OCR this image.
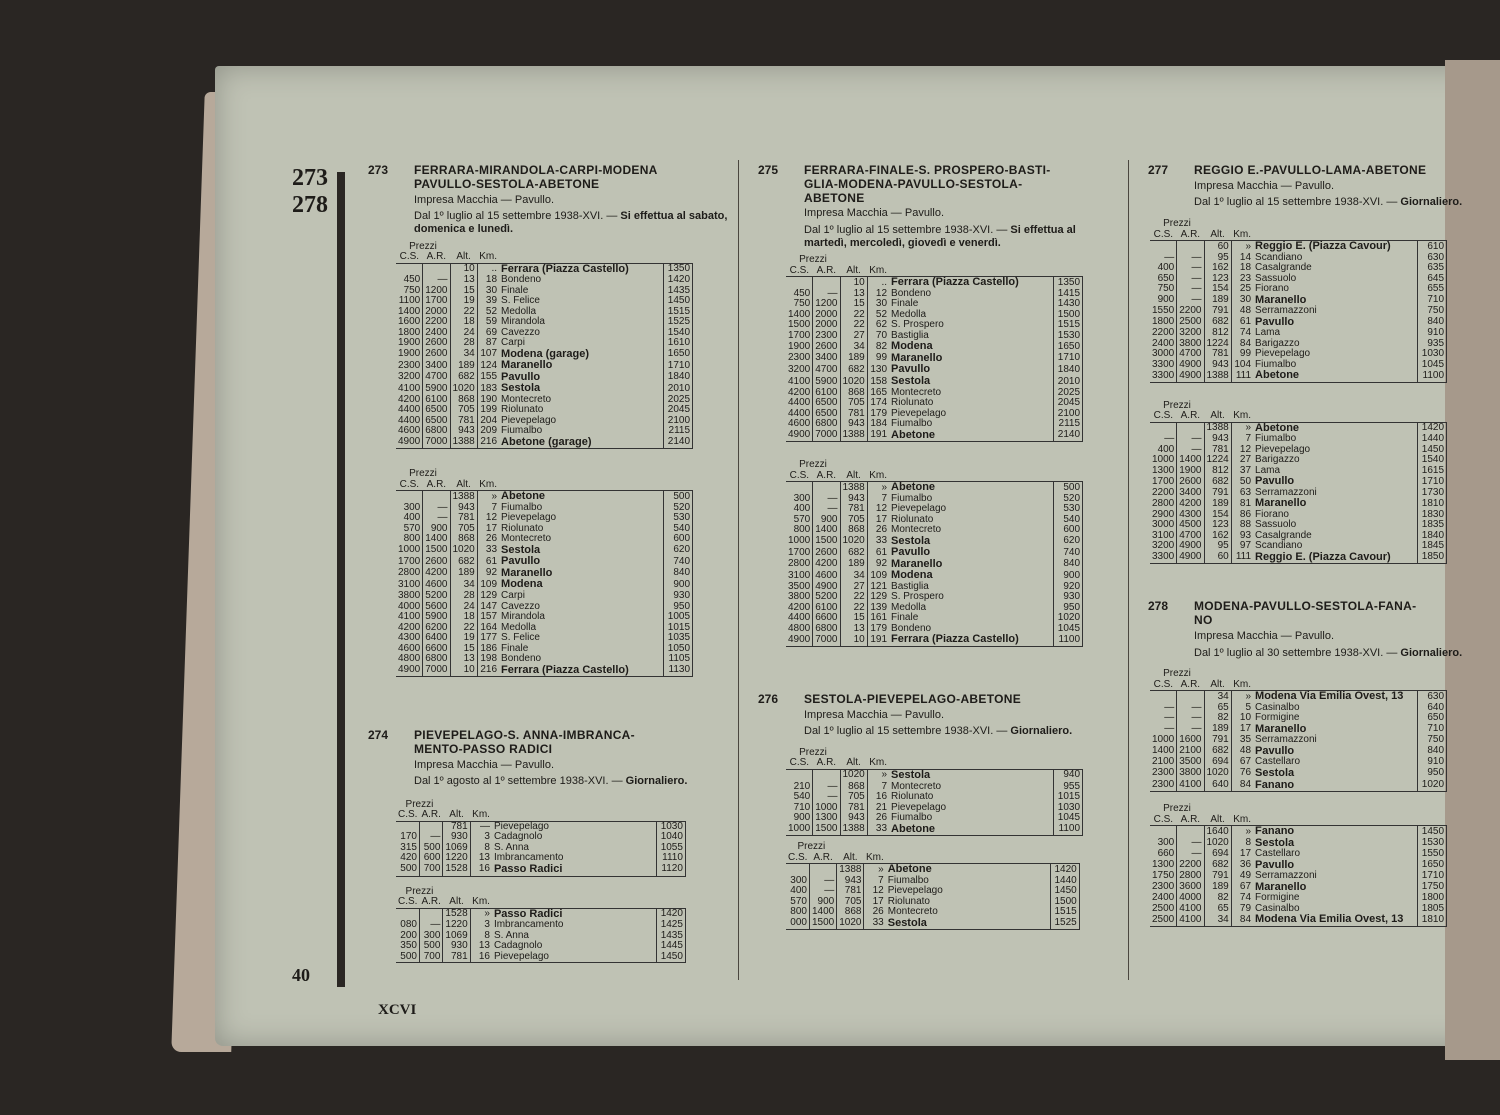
273
278
40
XCVI
273	FERRARA-MIRANDOLA-CARPI-MODENA
PAVULLO-SESTOLA-ABETONE
Impresa Macchia — Pavullo.
Dal 1º luglio al 15 settembre 1938-XVI. — Si effettua al sabato, domenica e lunedì.
Prezzi					
C.S.	A.R.	Alt.	Km.		
		10	..	Ferrara (Piazza Castello)	1350
450	—	13	18	Bondeno	1420
750	1200	15	30	Finale	1435
1100	1700	19	39	S. Felice	1450
1400	2000	22	52	Medolla	1515
1600	2200	18	59	Mirandola	1525
1800	2400	24	69	Cavezzo	1540
1900	2600	28	87	Carpi	1610
1900	2600	34	107	Modena (garage)	1650
2300	3400	189	124	Maranello	1710
3200	4700	682	155	Pavullo	1840
4100	5900	1020	183	Sestola	2010
4200	6100	868	190	Montecreto	2025
4400	6500	705	199	Riolunato	2045
4400	6500	781	204	Pievepelago	2100
4600	6800	943	209	Fiumalbo	2115
4900	7000	1388	216	Abetone (garage)	2140
Prezzi					
C.S.	A.R.	Alt.	Km.		
		1388	»	Abetone	500
300	—	943	7	Fiumalbo	520
400	—	781	12	Pievepelago	530
570	900	705	17	Riolunato	540
800	1400	868	26	Montecreto	600
1000	1500	1020	33	Sestola	620
1700	2600	682	61	Pavullo	740
2800	4200	189	92	Maranello	840
3100	4600	34	109	Modena	900
3800	5200	28	129	Carpi	930
4000	5600	24	147	Cavezzo	950
4100	5900	18	157	Mirandola	1005
4200	6200	22	164	Medolla	1015
4300	6400	19	177	S. Felice	1035
4600	6600	15	186	Finale	1050
4800	6800	13	198	Bondeno	1105
4900	7000	10	216	Ferrara (Piazza Castello)	1130
274	PIEVEPELAGO-S. ANNA-IMBRANCA-
MENTO-PASSO RADICI
Impresa Macchia — Pavullo.
Dal 1º agosto al 1º settembre 1938-XVI. — Giornaliero.
Prezzi					
C.S.	A.R.	Alt.	Km.		
		781	—	Pievepelago	1030
170	—	930	3	Cadagnolo	1040
315	500	1069	8	S. Anna	1055
420	600	1220	13	Imbrancamento	1110
500	700	1528	16	Passo Radici	1120
Prezzi					
C.S.	A.R.	Alt.	Km.		
		1528	»	Passo Radici	1420
080	—	1220	3	Imbrancamento	1425
200	300	1069	8	S. Anna	1435
350	500	930	13	Cadagnolo	1445
500	700	781	16	Pievepelago	1450
275	FERRARA-FINALE-S. PROSPERO-BASTI-
GLIA-MODENA-PAVULLO-SESTOLA-
ABETONE
Impresa Macchia — Pavullo.
Dal 1º luglio al 15 settembre 1938-XVI. — Si effettua al martedì, mercoledì, giovedì e venerdì.
Prezzi					
C.S.	A.R.	Alt.	Km.		
		10	..	Ferrara (Piazza Castello)	1350
450	—	13	12	Bondeno	1415
750	1200	15	30	Finale	1430
1400	2000	22	52	Medolla	1500
1500	2000	22	62	S. Prospero	1515
1700	2300	27	70	Bastiglia	1530
1900	2600	34	82	Modena	1650
2300	3400	189	99	Maranello	1710
3200	4700	682	130	Pavullo	1840
4100	5900	1020	158	Sestola	2010
4200	6100	868	165	Montecreto	2025
4400	6500	705	174	Riolunato	2045
4400	6500	781	179	Pievepelago	2100
4600	6800	943	184	Fiumalbo	2115
4900	7000	1388	191	Abetone	2140
Prezzi					
C.S.	A.R.	Alt.	Km.		
		1388	»	Abetone	500
300	—	943	7	Fiumalbo	520
400	—	781	12	Pievepelago	530
570	900	705	17	Riolunato	540
800	1400	868	26	Montecreto	600
1000	1500	1020	33	Sestola	620
1700	2600	682	61	Pavullo	740
2800	4200	189	92	Maranello	840
3100	4600	34	109	Modena	900
3500	4900	27	121	Bastiglia	920
3800	5200	22	129	S. Prospero	930
4200	6100	22	139	Medolla	950
4400	6600	15	161	Finale	1020
4800	6800	13	179	Bondeno	1045
4900	7000	10	191	Ferrara (Piazza Castello)	1100
276	SESTOLA-PIEVEPELAGO-ABETONE
Impresa Macchia — Pavullo.
Dal 1º luglio al 15 settembre 1938-XVI. — Giornaliero.
Prezzi					
C.S.	A.R.	Alt.	Km.		
		1020	»	Sestola	940
210	—	868	7	Montecreto	955
540	—	705	16	Riolunato	1015
710	1000	781	21	Pievepelago	1030
900	1300	943	26	Fiumalbo	1045
1000	1500	1388	33	Abetone	1100
Prezzi					
C.S.	A.R.	Alt.	Km.		
		1388	»	Abetone	1420
300	—	943	7	Fiumalbo	1440
400	—	781	12	Pievepelago	1450
570	900	705	17	Riolunato	1500
800	1400	868	26	Montecreto	1515
000	1500	1020	33	Sestola	1525
277	REGGIO E.-PAVULLO-LAMA-ABETONE
Impresa Macchia — Pavullo.
Dal 1º luglio al 15 settembre 1938-XVI. — Giornaliero.
Prezzi					
C.S.	A.R.	Alt.	Km.		
		60	»	Reggio E. (Piazza Cavour)	610
—	—	95	14	Scandiano	630
400	—	162	18	Casalgrande	635
650	—	123	23	Sassuolo	645
750	—	154	25	Fiorano	655
900	—	189	30	Maranello	710
1550	2200	791	48	Serramazzoni	750
1800	2500	682	61	Pavullo	840
2200	3200	812	74	Lama	910
2400	3800	1224	84	Barigazzo	935
3000	4700	781	99	Pievepelago	1030
3300	4900	943	104	Fiumalbo	1045
3300	4900	1388	111	Abetone	1100
Prezzi					
C.S.	A.R.	Alt.	Km.		
		1388	»	Abetone	1420
—	—	943	7	Fiumalbo	1440
400	—	781	12	Pievepelago	1450
1000	1400	1224	27	Barigazzo	1540
1300	1900	812	37	Lama	1615
1700	2600	682	50	Pavullo	1710
2200	3400	791	63	Serramazzoni	1730
2800	4200	189	81	Maranello	1810
2900	4300	154	86	Fiorano	1830
3000	4500	123	88	Sassuolo	1835
3100	4700	162	93	Casalgrande	1840
3200	4900	95	97	Scandiano	1845
3300	4900	60	111	Reggio E. (Piazza Cavour)	1850
278	MODENA-PAVULLO-SESTOLA-FANA-
NO
Impresa Macchia — Pavullo.
Dal 1º luglio al 30 settembre 1938-XVI. — Giornaliero.
Prezzi					
C.S.	A.R.	Alt.	Km.		
		34	»	Modena Via Emilia Ovest, 13	630
—	—	65	5	Casinalbo	640
—	—	82	10	Formigine	650
—	—	189	17	Maranello	710
1000	1600	791	35	Serramazzoni	750
1400	2100	682	48	Pavullo	840
2100	3500	694	67	Castellaro	910
2300	3800	1020	76	Sestola	950
2300	4100	640	84	Fanano	1020
Prezzi					
C.S.	A.R.	Alt.	Km.		
		1640	»	Fanano	1450
300	—	1020	8	Sestola	1530
660	—	694	17	Castellaro	1550
1300	2200	682	36	Pavullo	1650
1750	2800	791	49	Serramazzoni	1710
2300	3600	189	67	Maranello	1750
2400	4000	82	74	Formigine	1800
2500	4100	65	79	Casinalbo	1805
2500	4100	34	84	Modena Via Emilia Ovest, 13	1810
